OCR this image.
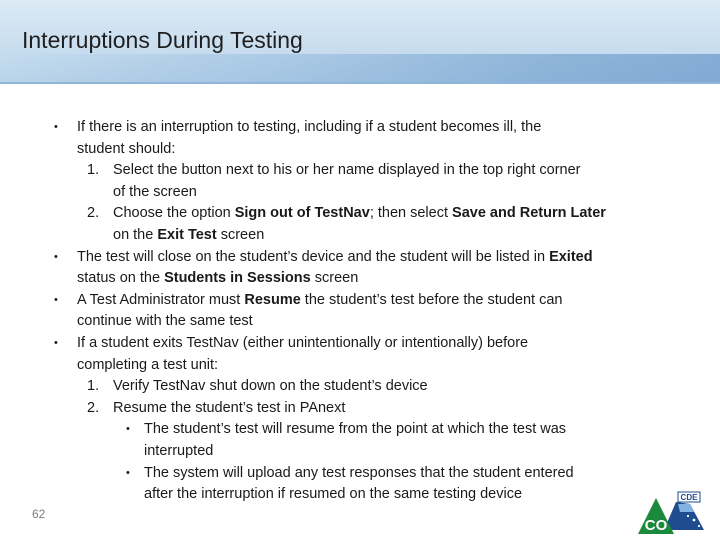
Interruptions During Testing
• If there is an interruption to testing, including if a student becomes ill, the
student should:
1. Select the button next to his or her name displayed in the top right corner
of the screen
2. Choose the option Sign out of TestNav; then select Save and Return Later
on the Exit Test screen
• The test will close on the student’s device and the student will be listed in Exited
status on the Students in Sessions screen
• A Test Administrator must Resume the student’s test before the student can
continue with the same test
• If a student exits TestNav (either unintentionally or intentionally) before
completing a test unit:
1. Verify TestNav shut down on the student’s device
2. Resume the student’s test in PAnext
• The student’s test will resume from the point at which the test was
interrupted
• The system will upload any test responses that the student entered
after the interruption if resumed on the same testing device
62
CDE
CO
